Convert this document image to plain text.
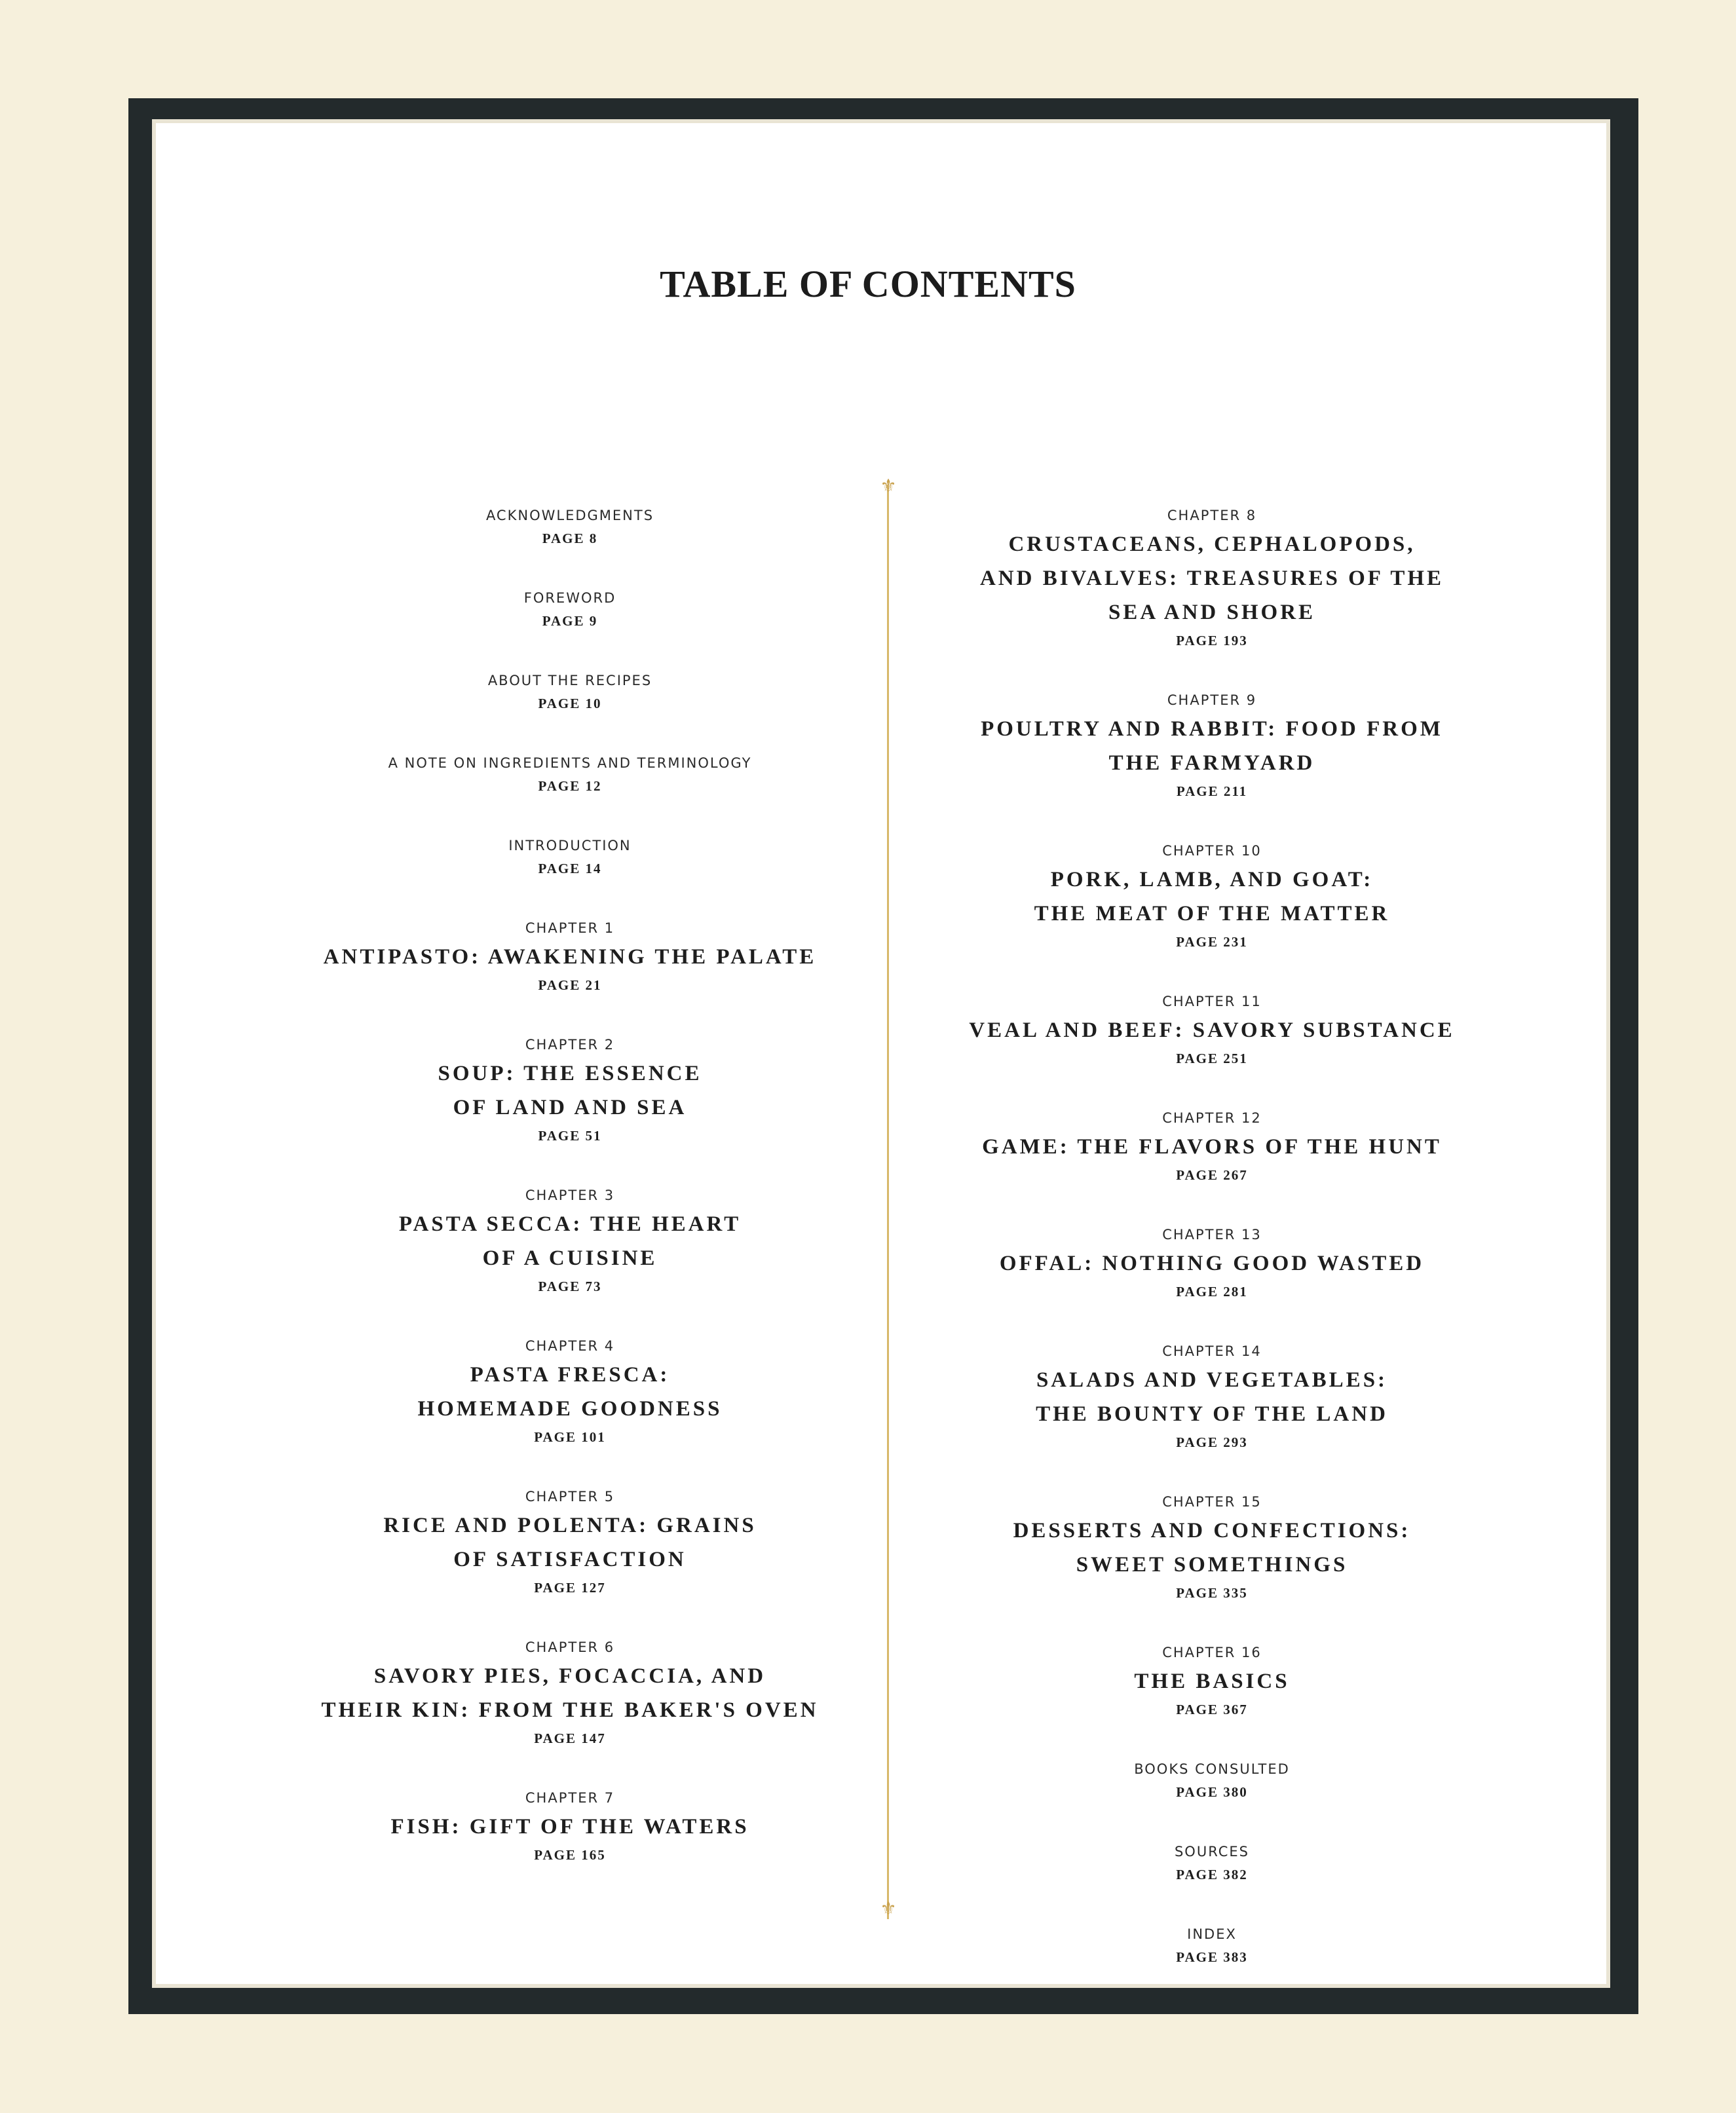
TABLE OF CONTENTS
⚜
⚜
ACKNOWLEDGMENTS
PAGE 8
FOREWORD
PAGE 9
ABOUT THE RECIPES
PAGE 10
A NOTE ON INGREDIENTS AND TERMINOLOGY
PAGE 12
INTRODUCTION
PAGE 14
CHAPTER 1
ANTIPASTO: AWAKENING THE PALATE
PAGE 21
CHAPTER 2
SOUP: THE ESSENCE
OF LAND AND SEA
PAGE 51
CHAPTER 3
PASTA SECCA: THE HEART
OF A CUISINE
PAGE 73
CHAPTER 4
PASTA FRESCA:
HOMEMADE GOODNESS
PAGE 101
CHAPTER 5
RICE AND POLENTA: GRAINS
OF SATISFACTION
PAGE 127
CHAPTER 6
SAVORY PIES, FOCACCIA, AND
THEIR KIN: FROM THE BAKER'S OVEN
PAGE 147
CHAPTER 7
FISH: GIFT OF THE WATERS
PAGE 165
CHAPTER 8
CRUSTACEANS, CEPHALOPODS,
AND BIVALVES: TREASURES OF THE
SEA AND SHORE
PAGE 193
CHAPTER 9
POULTRY AND RABBIT: FOOD FROM
THE FARMYARD
PAGE 211
CHAPTER 10
PORK, LAMB, AND GOAT:
THE MEAT OF THE MATTER
PAGE 231
CHAPTER 11
VEAL AND BEEF: SAVORY SUBSTANCE
PAGE 251
CHAPTER 12
GAME: THE FLAVORS OF THE HUNT
PAGE 267
CHAPTER 13
OFFAL: NOTHING GOOD WASTED
PAGE 281
CHAPTER 14
SALADS AND VEGETABLES:
THE BOUNTY OF THE LAND
PAGE 293
CHAPTER 15
DESSERTS AND CONFECTIONS:
SWEET SOMETHINGS
PAGE 335
CHAPTER 16
THE BASICS
PAGE 367
BOOKS CONSULTED
PAGE 380
SOURCES
PAGE 382
INDEX
PAGE 383
